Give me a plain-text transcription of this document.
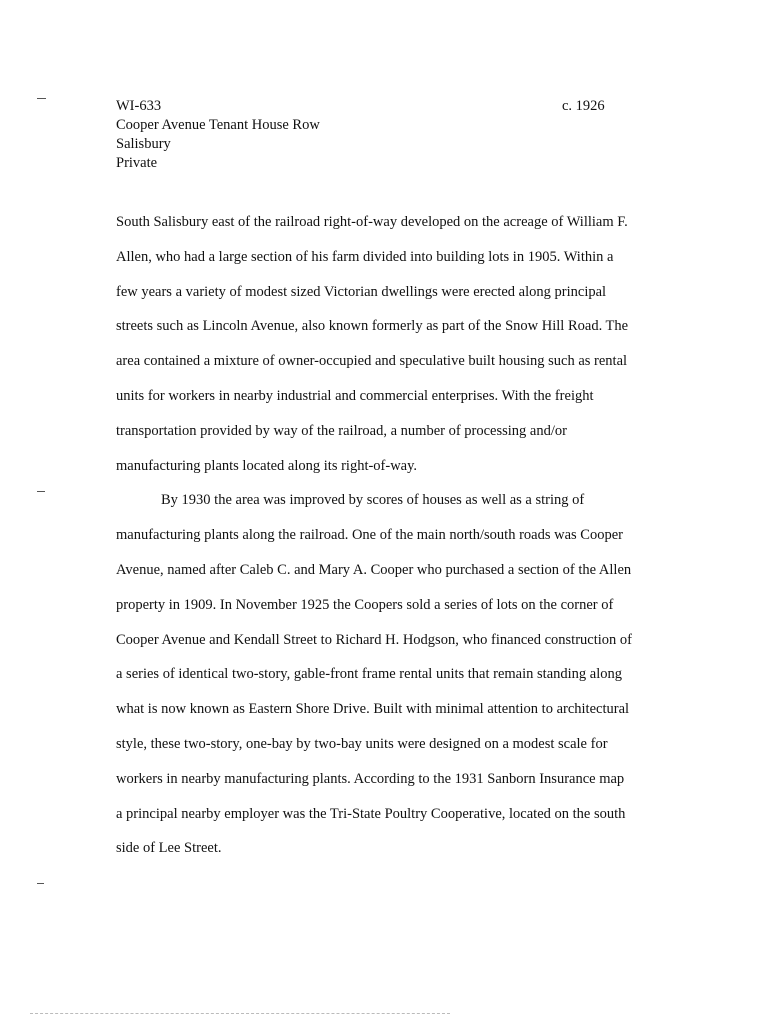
WI-633
Cooper Avenue Tenant House Row
Salisbury
Private
c. 1926
South Salisbury east of the railroad right-of-way developed on the acreage of William F.
Allen, who had a large section of his farm divided into building lots in 1905. Within a
few years a variety of modest sized Victorian dwellings were erected along principal
streets such as Lincoln Avenue, also known formerly as part of the Snow Hill Road. The
area contained a mixture of owner-occupied and speculative built housing such as rental
units for workers in nearby industrial and commercial enterprises. With the freight
transportation provided by way of the railroad, a number of processing and/or
manufacturing plants located along its right-of-way.
By 1930 the area was improved by scores of houses as well as a string of
manufacturing plants along the railroad. One of the main north/south roads was Cooper
Avenue, named after Caleb C. and Mary A. Cooper who purchased a section of the Allen
property in 1909. In November 1925 the Coopers sold a series of lots on the corner of
Cooper Avenue and Kendall Street to Richard H. Hodgson, who financed construction of
a series of identical two-story, gable-front frame rental units that remain standing along
what is now known as Eastern Shore Drive. Built with minimal attention to architectural
style, these two-story, one-bay by two-bay units were designed on a modest scale for
workers in nearby manufacturing plants. According to the 1931 Sanborn Insurance map
a principal nearby employer was the Tri-State Poultry Cooperative, located on the south
side of Lee Street.
